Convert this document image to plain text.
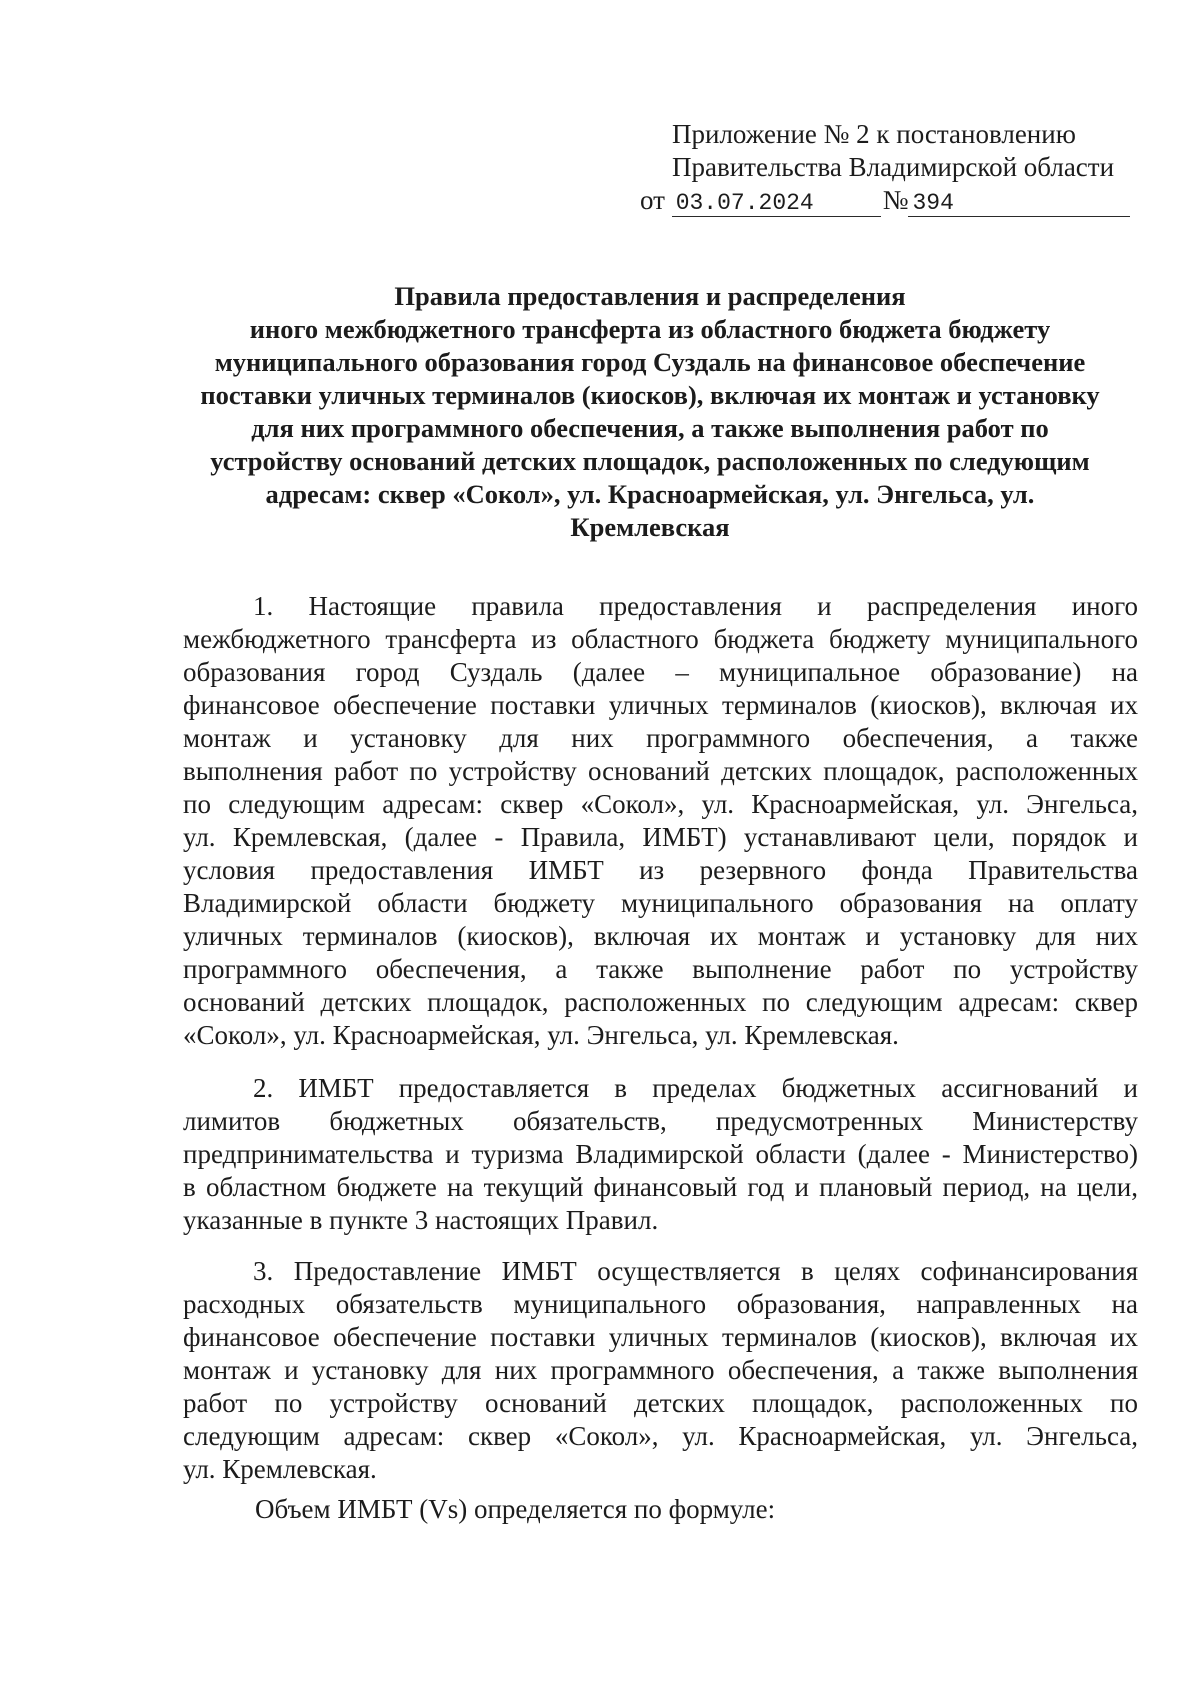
Приложение № 2 к постановлению
Правительства Владимирской области
от 03.07.2024	№ 394
Правила предоставления и распределения
иного межбюджетного трансферта из областного бюджета бюджету
муниципального образования город Суздаль на финансовое обеспечение
поставки уличных терминалов (киосков), включая их монтаж и установку
для них программного обеспечения, а также выполнения работ по
устройству оснований детских площадок, расположенных по следующим
адресам: сквер «Сокол», ул. Красноармейская, ул. Энгельса, ул.
Кремлевская
1. Настоящие правила предоставления и распределения иного
межбюджетного трансферта из областного бюджета бюджету муниципального
образования город Суздаль (далее – муниципальное образование) на
финансовое обеспечение поставки уличных терминалов (киосков), включая их
монтаж и установку для них программного обеспечения, а также
выполнения работ по устройству оснований детских площадок, расположенных
по следующим адресам: сквер «Сокол», ул. Красноармейская, ул. Энгельса,
ул. Кремлевская, (далее - Правила, ИМБТ) устанавливают цели, порядок и
условия предоставления ИМБТ из резервного фонда Правительства
Владимирской области бюджету муниципального образования на оплату
уличных терминалов (киосков), включая их монтаж и установку для них
программного обеспечения, а также выполнение работ по устройству
оснований детских площадок, расположенных по следующим адресам: сквер
«Сокол», ул. Красноармейская, ул. Энгельса, ул. Кремлевская.
2. ИМБТ предоставляется в пределах бюджетных ассигнований и
лимитов бюджетных обязательств, предусмотренных Министерству
предпринимательства и туризма Владимирской области (далее - Министерство)
в областном бюджете на текущий финансовый год и плановый период, на цели,
указанные в пункте 3 настоящих Правил.
3. Предоставление ИМБТ осуществляется в целях софинансирования
расходных обязательств муниципального образования, направленных на
финансовое обеспечение поставки уличных терминалов (киосков), включая их
монтаж и установку для них программного обеспечения, а также выполнения
работ по устройству оснований детских площадок, расположенных по
следующим адресам: сквер «Сокол», ул. Красноармейская, ул. Энгельса,
ул. Кремлевская.
Объем ИМБТ (Vs) определяется по формуле:
